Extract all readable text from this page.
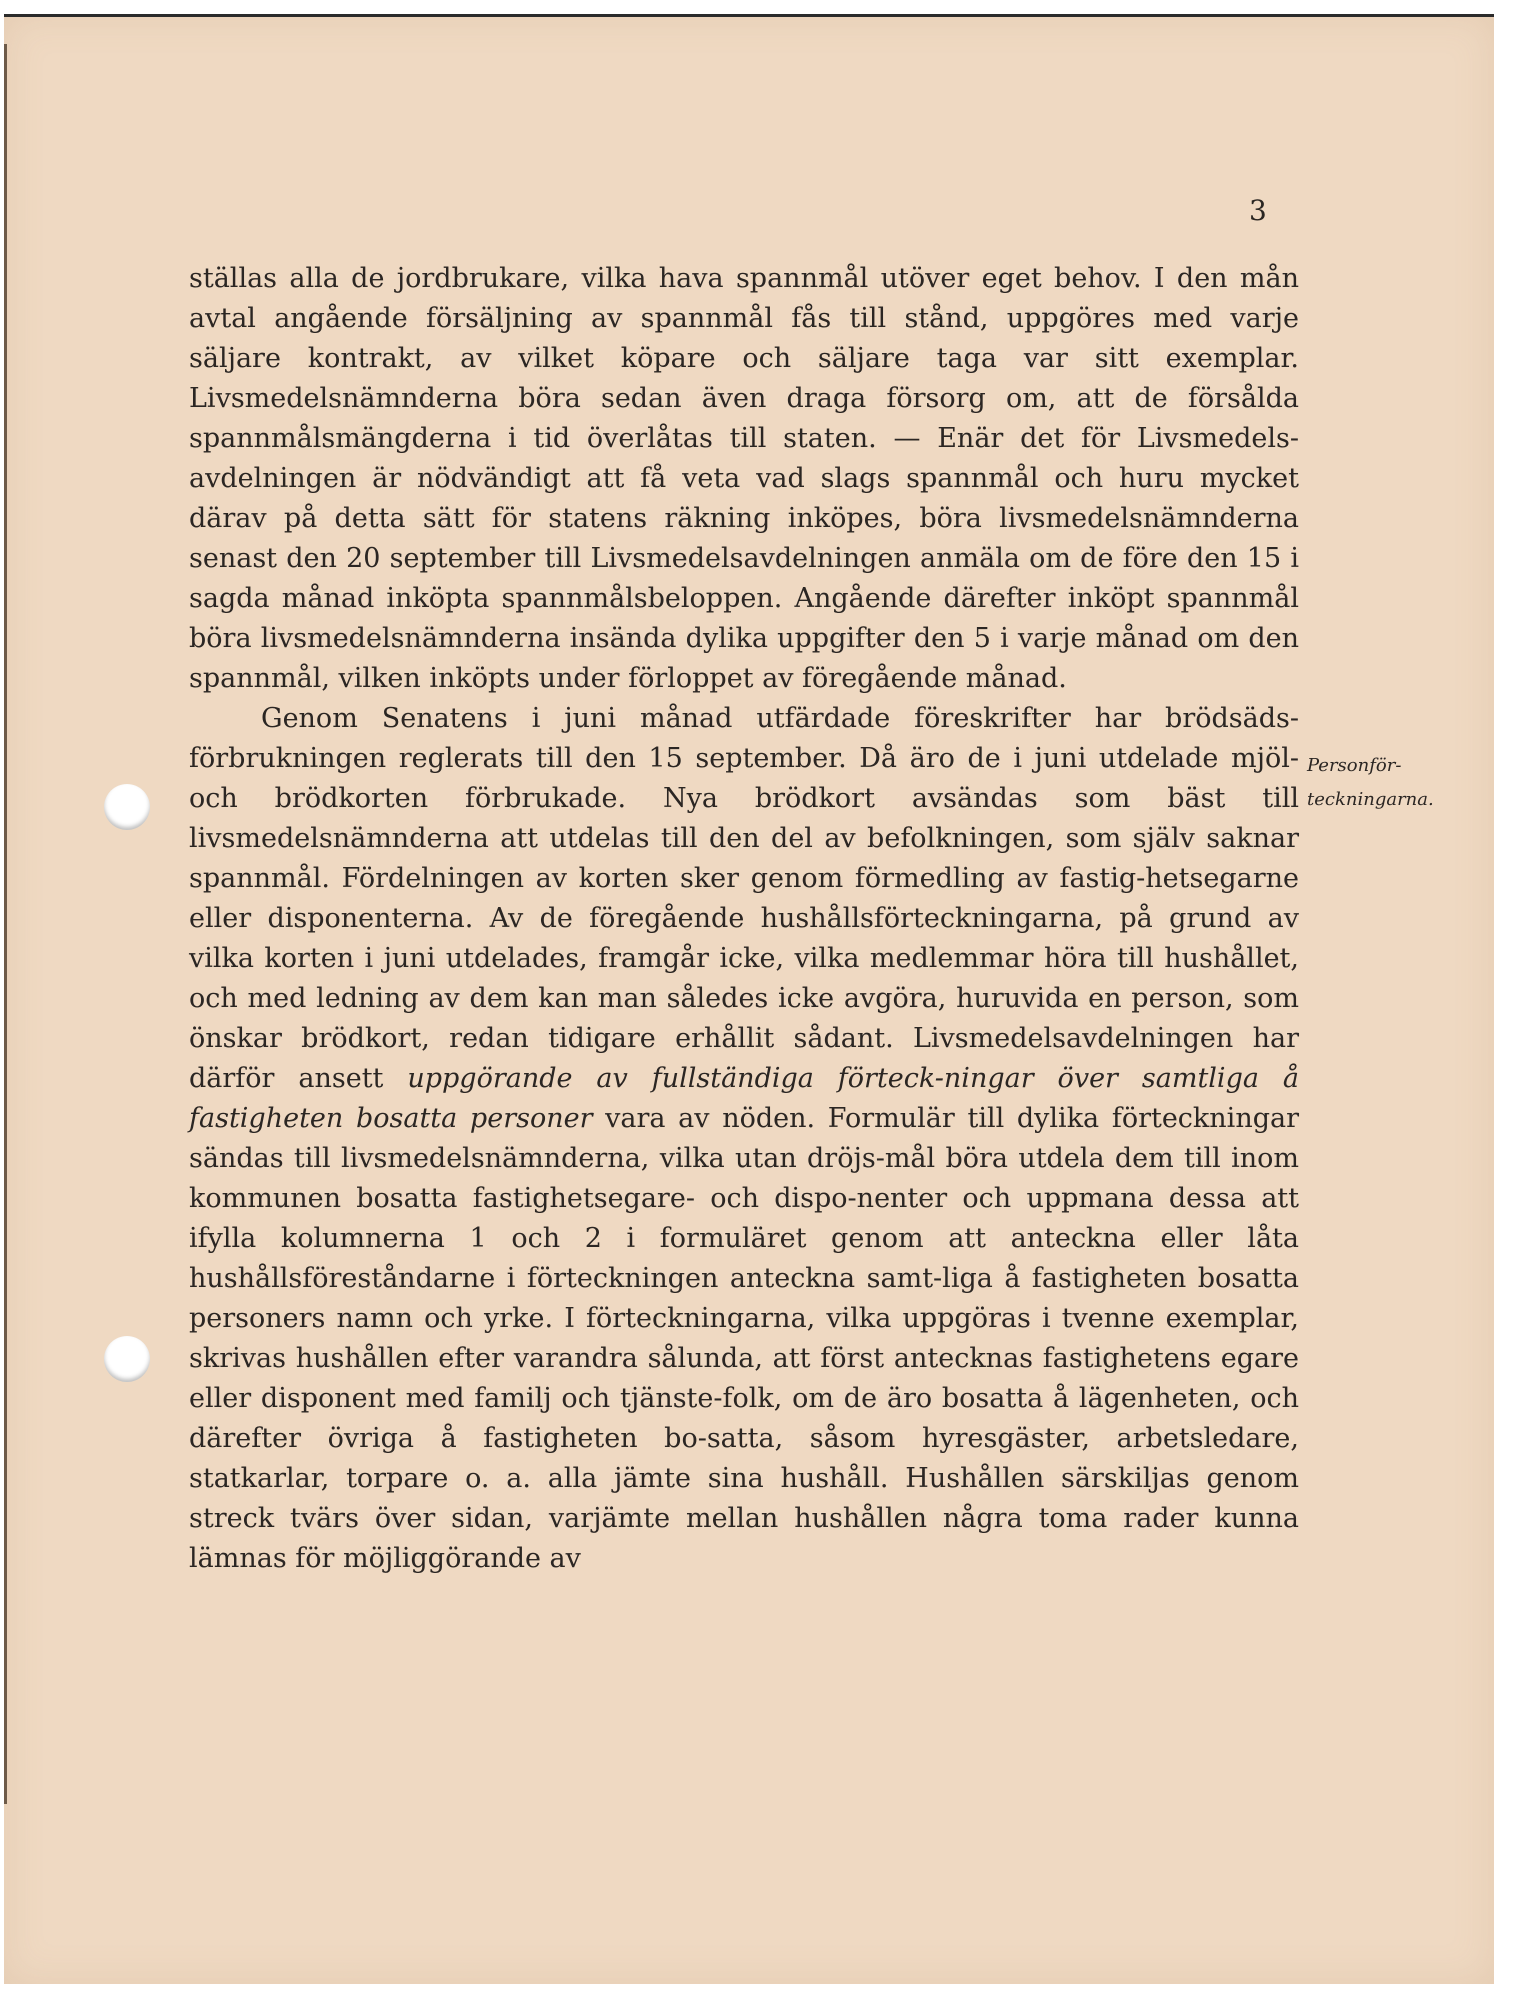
3

ställas alla de jordbrukare, vilka hava spannmål utöver eget behov. I den mån avtal angående försäljning av spannmål fås till stånd, uppgöres med varje säljare kontrakt, av vilket köpare och säljare taga var sitt exemplar. Livsmedelsnämnderna böra sedan även draga försorg om, att de försålda spannmålsmängderna i tid överlåtas till staten. — Enär det för Livsmedels-avdelningen är nödvändigt att få veta vad slags spannmål och huru mycket därav på detta sätt för statens räkning inköpes, böra livsmedelsnämnderna senast den 20 september till Livsmedelsavdelningen anmäla om de före den 15 i sagda månad inköpta spannmålsbeloppen. Angående därefter inköpt spannmål böra livsmedelsnämnderna insända dylika uppgifter den 5 i varje månad om den spannmål, vilken inköpts under förloppet av föregående månad.

Genom Senatens i juni månad utfärdade föreskrifter har brödsäds-förbrukningen reglerats till den 15 september. Då äro de i juni utdelade mjöl- och brödkorten förbrukade. Nya brödkort avsändas som bäst till livsmedelsnämnderna att utdelas till den del av befolkningen, som själv saknar spannmål. Fördelningen av korten sker genom förmedling av fastig-hetsegarne eller disponenterna. Av de föregående hushållsförteckningarna, på grund av vilka korten i juni utdelades, framgår icke, vilka medlemmar höra till hushållet, och med ledning av dem kan man således icke avgöra, huruvida en person, som önskar brödkort, redan tidigare erhållit sådant. Livsmedelsavdelningen har därför ansett uppgörande av fullständiga förteck-ningar över samtliga å fastigheten bosatta personer vara av nöden. Formulär till dylika förteckningar sändas till livsmedelsnämnderna, vilka utan dröjs-mål böra utdela dem till inom kommunen bosatta fastighetsegare- och dispo-nenter och uppmana dessa att ifylla kolumnerna 1 och 2 i formuläret genom att anteckna eller låta hushållsföreståndarne i förteckningen anteckna samt-liga å fastigheten bosatta personers namn och yrke. I förteckningarna, vilka uppgöras i tvenne exemplar, skrivas hushållen efter varandra sålunda, att först antecknas fastighetens egare eller disponent med familj och tjänste-folk, om de äro bosatta å lägenheten, och därefter övriga å fastigheten bo-satta, såsom hyresgäster, arbetsledare, statkarlar, torpare o. a. alla jämte sina hushåll. Hushållen särskiljas genom streck tvärs över sidan, varjämte mellan hushållen några toma rader kunna lämnas för möjliggörande av

Personför-
teckningarna.
